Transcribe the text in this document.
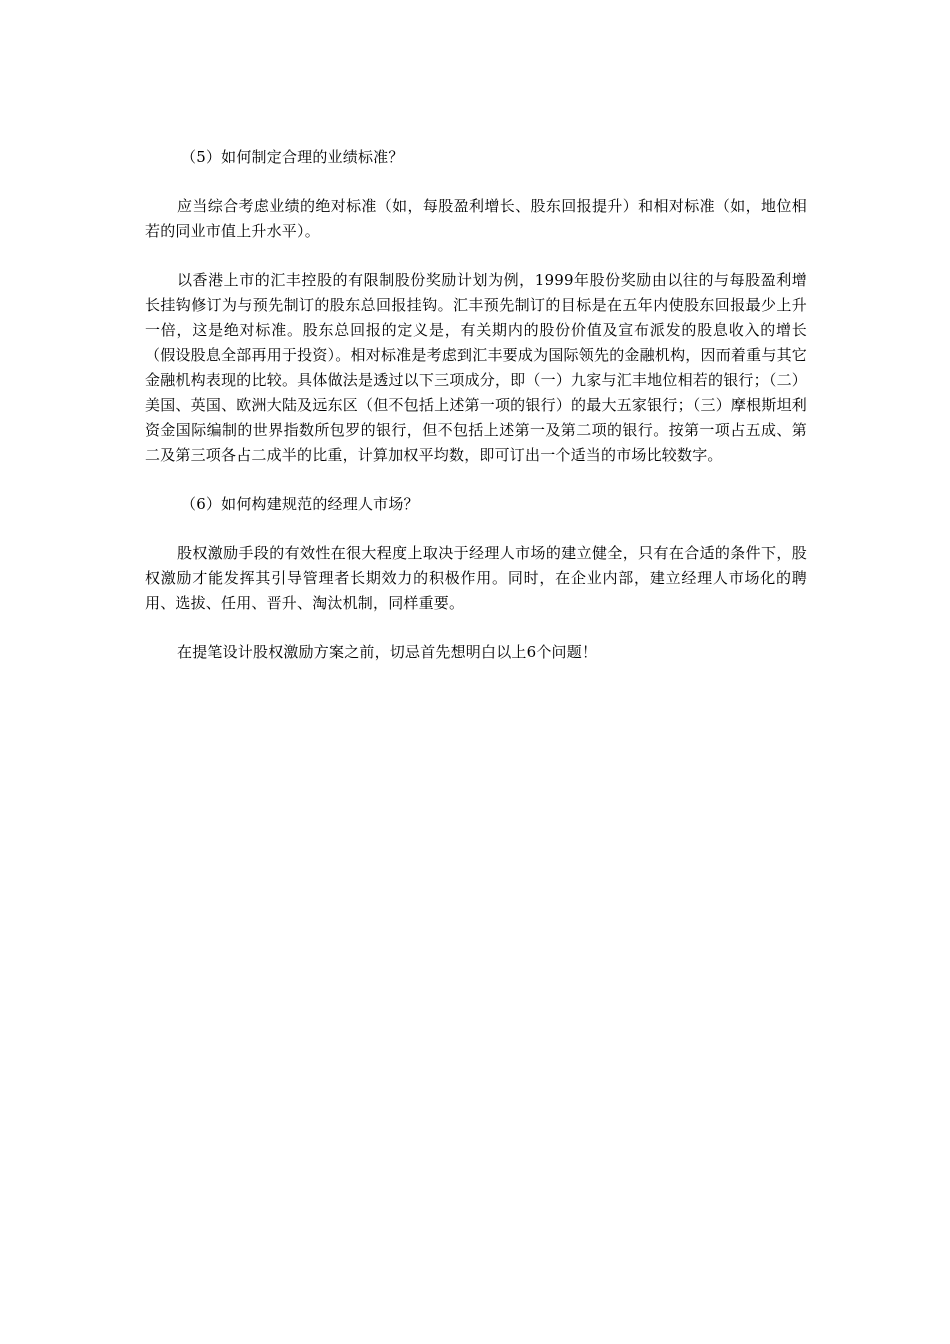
（5）如何制定合理的业绩标准？

应当综合考虑业绩的绝对标准（如，每股盈利增长、股东回报提升）和相对标准（如，地位相若的同业市值上升水平）。

以香港上市的汇丰控股的有限制股份奖励计划为例，1999年股份奖励由以往的与每股盈利增长挂钩修订为与预先制订的股东总回报挂钩。汇丰预先制订的目标是在五年内使股东回报最少上升一倍，这是绝对标准。股东总回报的定义是，有关期内的股份价值及宣布派发的股息收入的增长（假设股息全部再用于投资）。相对标准是考虑到汇丰要成为国际领先的金融机构，因而着重与其它金融机构表现的比较。具体做法是透过以下三项成分，即（一）九家与汇丰地位相若的银行；（二）美国、英国、欧洲大陆及远东区（但不包括上述第一项的银行）的最大五家银行；（三）摩根斯坦利资金国际编制的世界指数所包罗的银行，但不包括上述第一及第二项的银行。按第一项占五成、第二及第三项各占二成半的比重，计算加权平均数，即可订出一个适当的市场比较数字。

（6）如何构建规范的经理人市场？

股权激励手段的有效性在很大程度上取决于经理人市场的建立健全，只有在合适的条件下，股权激励才能发挥其引导管理者长期效力的积极作用。同时，在企业内部，建立经理人市场化的聘用、选拔、任用、晋升、淘汰机制，同样重要。

在提笔设计股权激励方案之前，切忌首先想明白以上6个问题！
